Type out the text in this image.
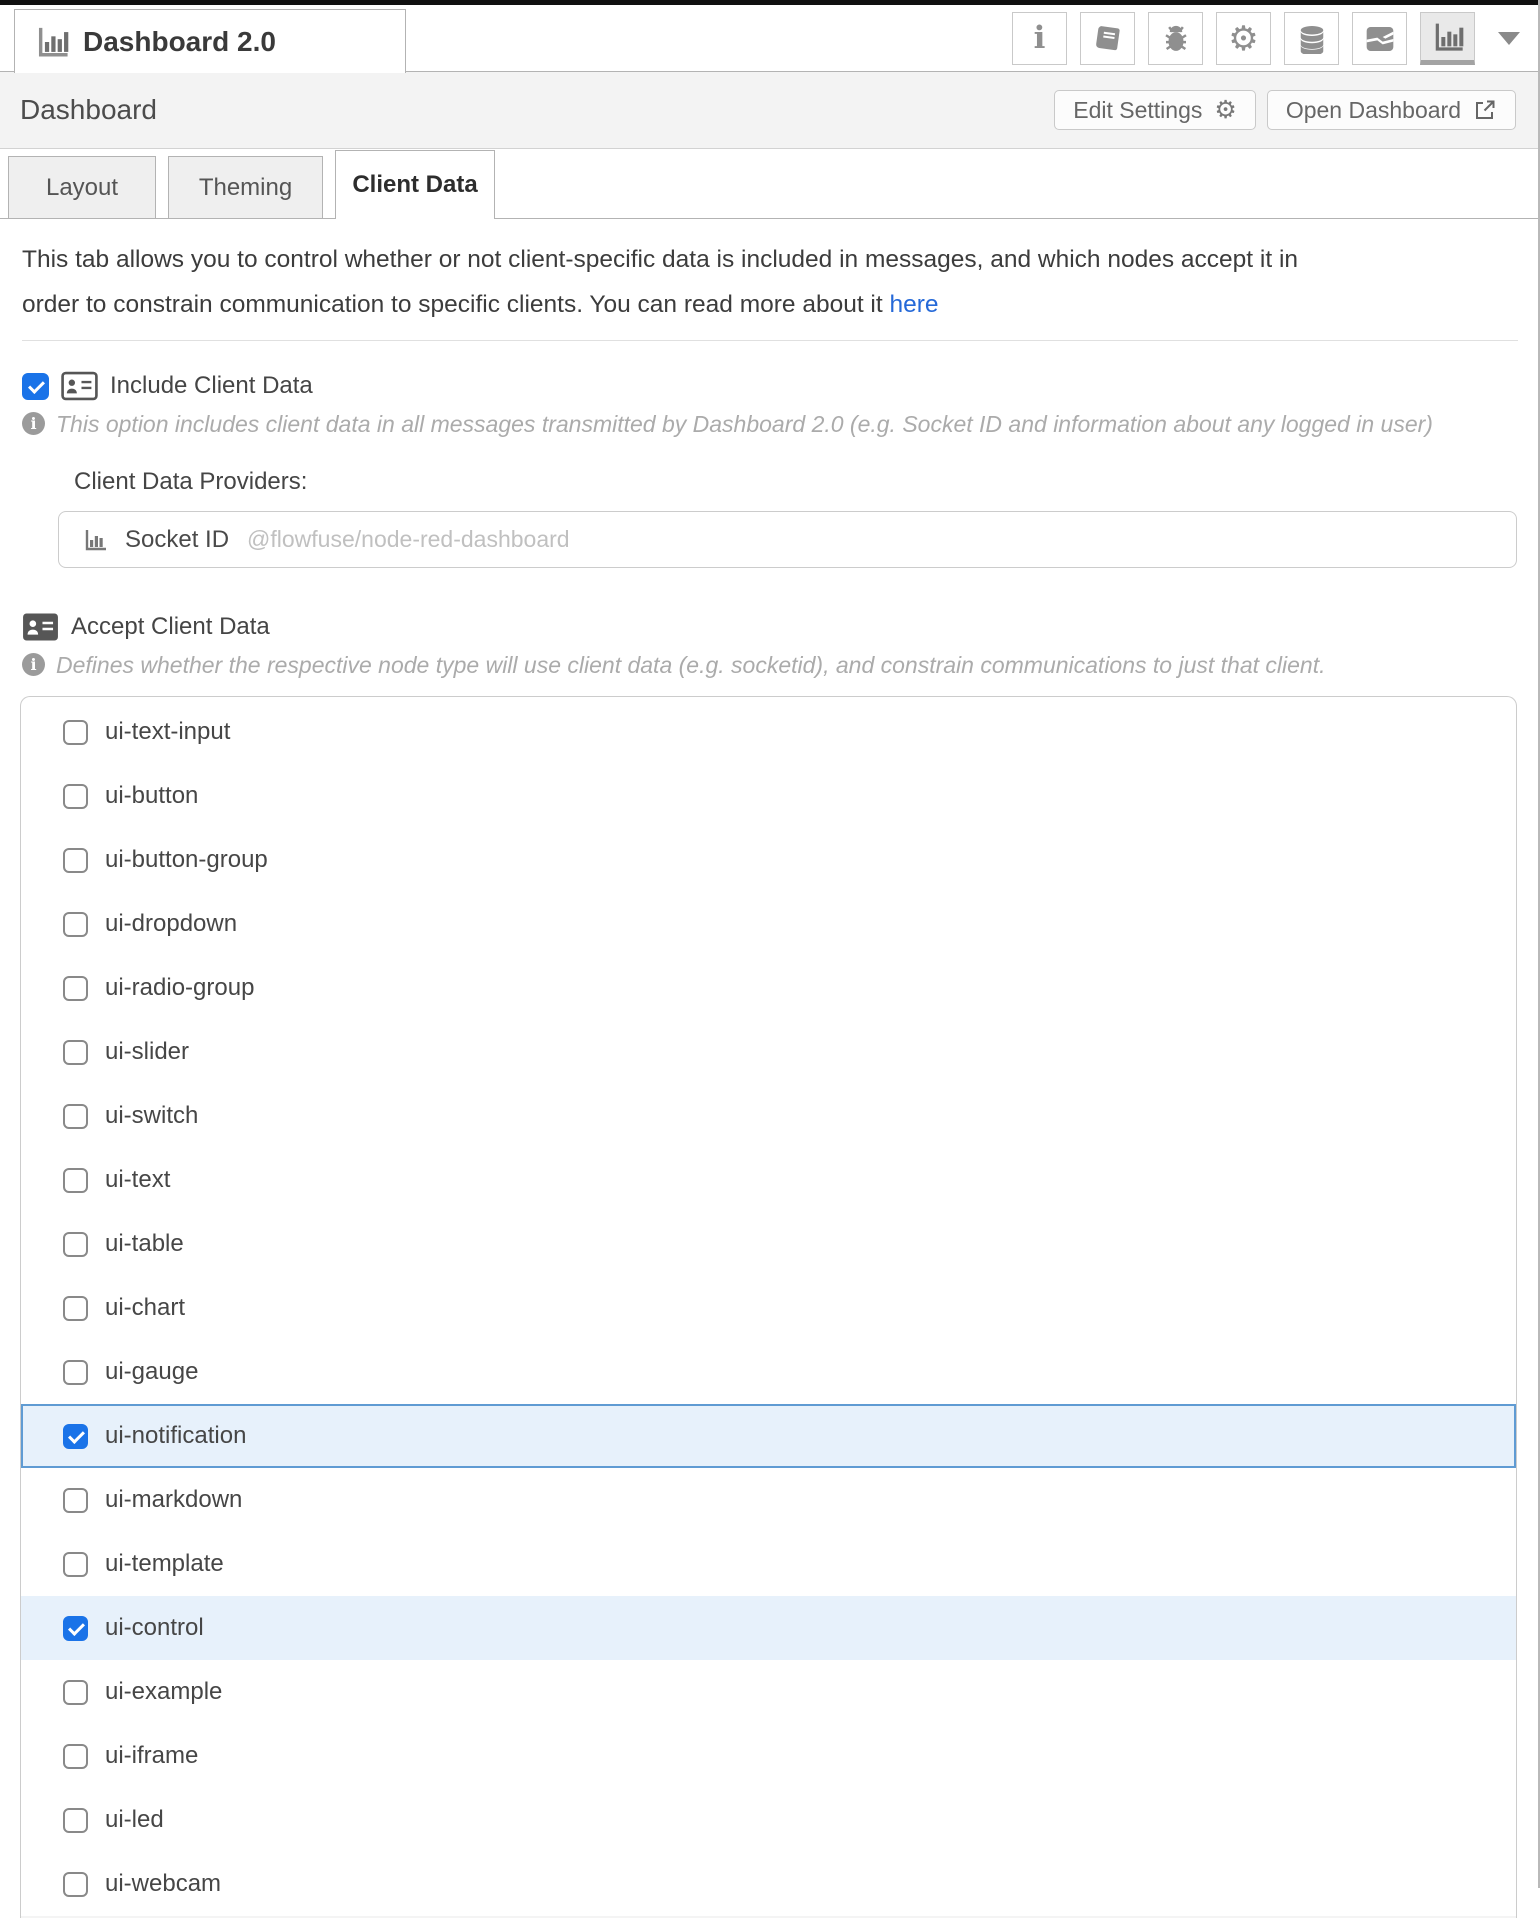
Dashboard 2.0	i	⚙
Dashboard	Edit Settings ⚙ Open Dashboard
Layout	Theming	Client Data

This tab allows you to control whether or not client-specific data is included in messages, and which nodes accept it in
order to constrain communication to specific clients. You can read more about it here

Include Client Data
i This option includes client data in all messages transmitted by Dashboard 2.0 (e.g. Socket ID and information about any logged in user)
Client Data Providers:
Socket ID @flowfuse/node-red-dashboard
Accept Client Data
i Defines whether the respective node type will use client data (e.g. socketid), and constrain communications to just that client.
ui-text-input
ui-button
ui-button-group
ui-dropdown
ui-radio-group
ui-slider
ui-switch
ui-text
ui-table
ui-chart
ui-gauge
ui-notification
ui-markdown
ui-template
ui-control
ui-example
ui-iframe
ui-led
ui-webcam
